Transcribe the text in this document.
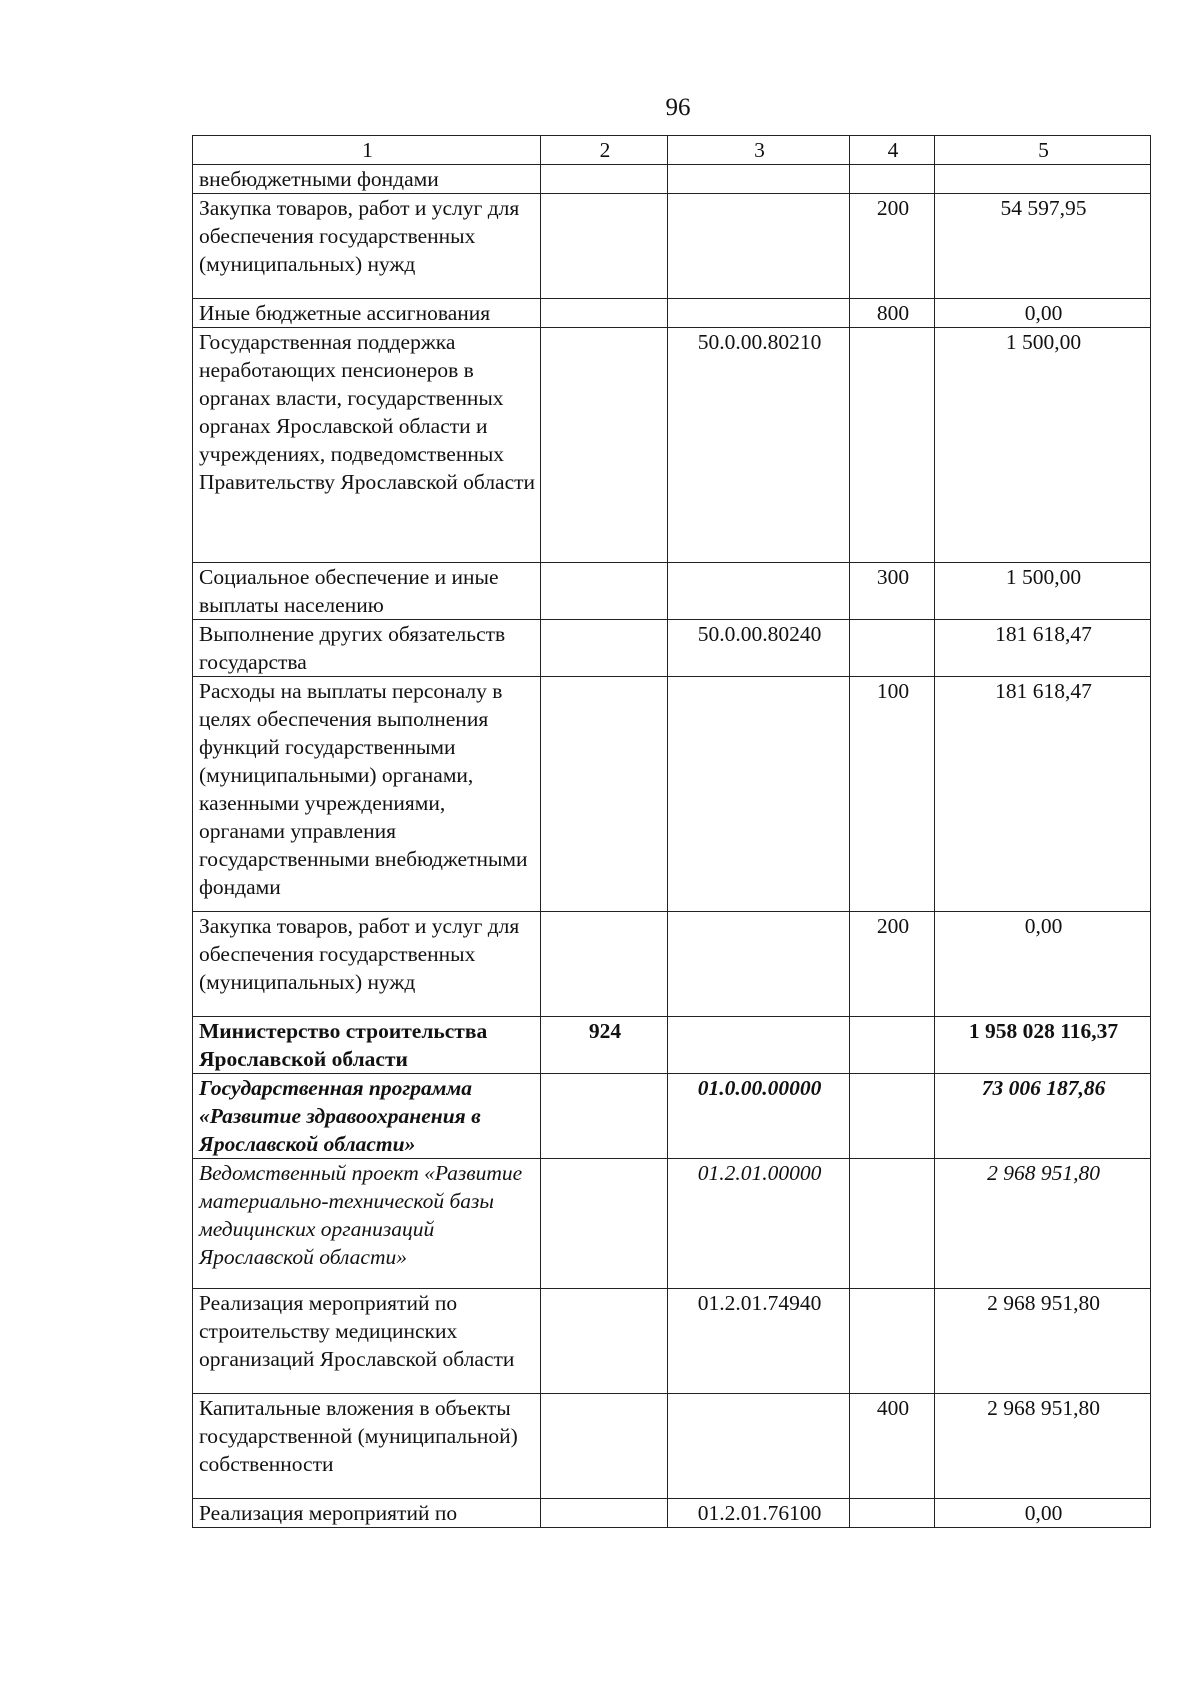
96
1	2	3	4	5
внебюджетными фондами				
Закупка товаров, работ и услуг для обеспечения государственных (муниципальных) нужд			200	54 597,95
Иные бюджетные ассигнования			800	0,00
Государственная поддержка неработающих пенсионеров в органах власти, государственных органах Ярославской области и учреждениях, подведомственных Правительству Ярославской области		50.0.00.80210		1 500,00
Социальное обеспечение и иные выплаты населению			300	1 500,00
Выполнение других обязательств государства		50.0.00.80240		181 618,47
Расходы на выплаты персоналу в целях обеспечения выполнения функций государственными (муниципальными) органами, казенными учреждениями, органами управления государственными внебюджетными фондами			100	181 618,47
Закупка товаров, работ и услуг для обеспечения государственных (муниципальных) нужд			200	0,00
Министерство строительства Ярославской области	924			1 958 028 116,37
Государственная программа «Развитие здравоохранения в Ярославской области»		01.0.00.00000		73 006 187,86
Ведомственный проект «Развитие материально-технической базы медицинских организаций Ярославской области»		01.2.01.00000		2 968 951,80
Реализация мероприятий по строительству медицинских организаций Ярославской области		01.2.01.74940		2 968 951,80
Капитальные вложения в объекты государственной (муниципальной) собственности			400	2 968 951,80
Реализация мероприятий по		01.2.01.76100		0,00
